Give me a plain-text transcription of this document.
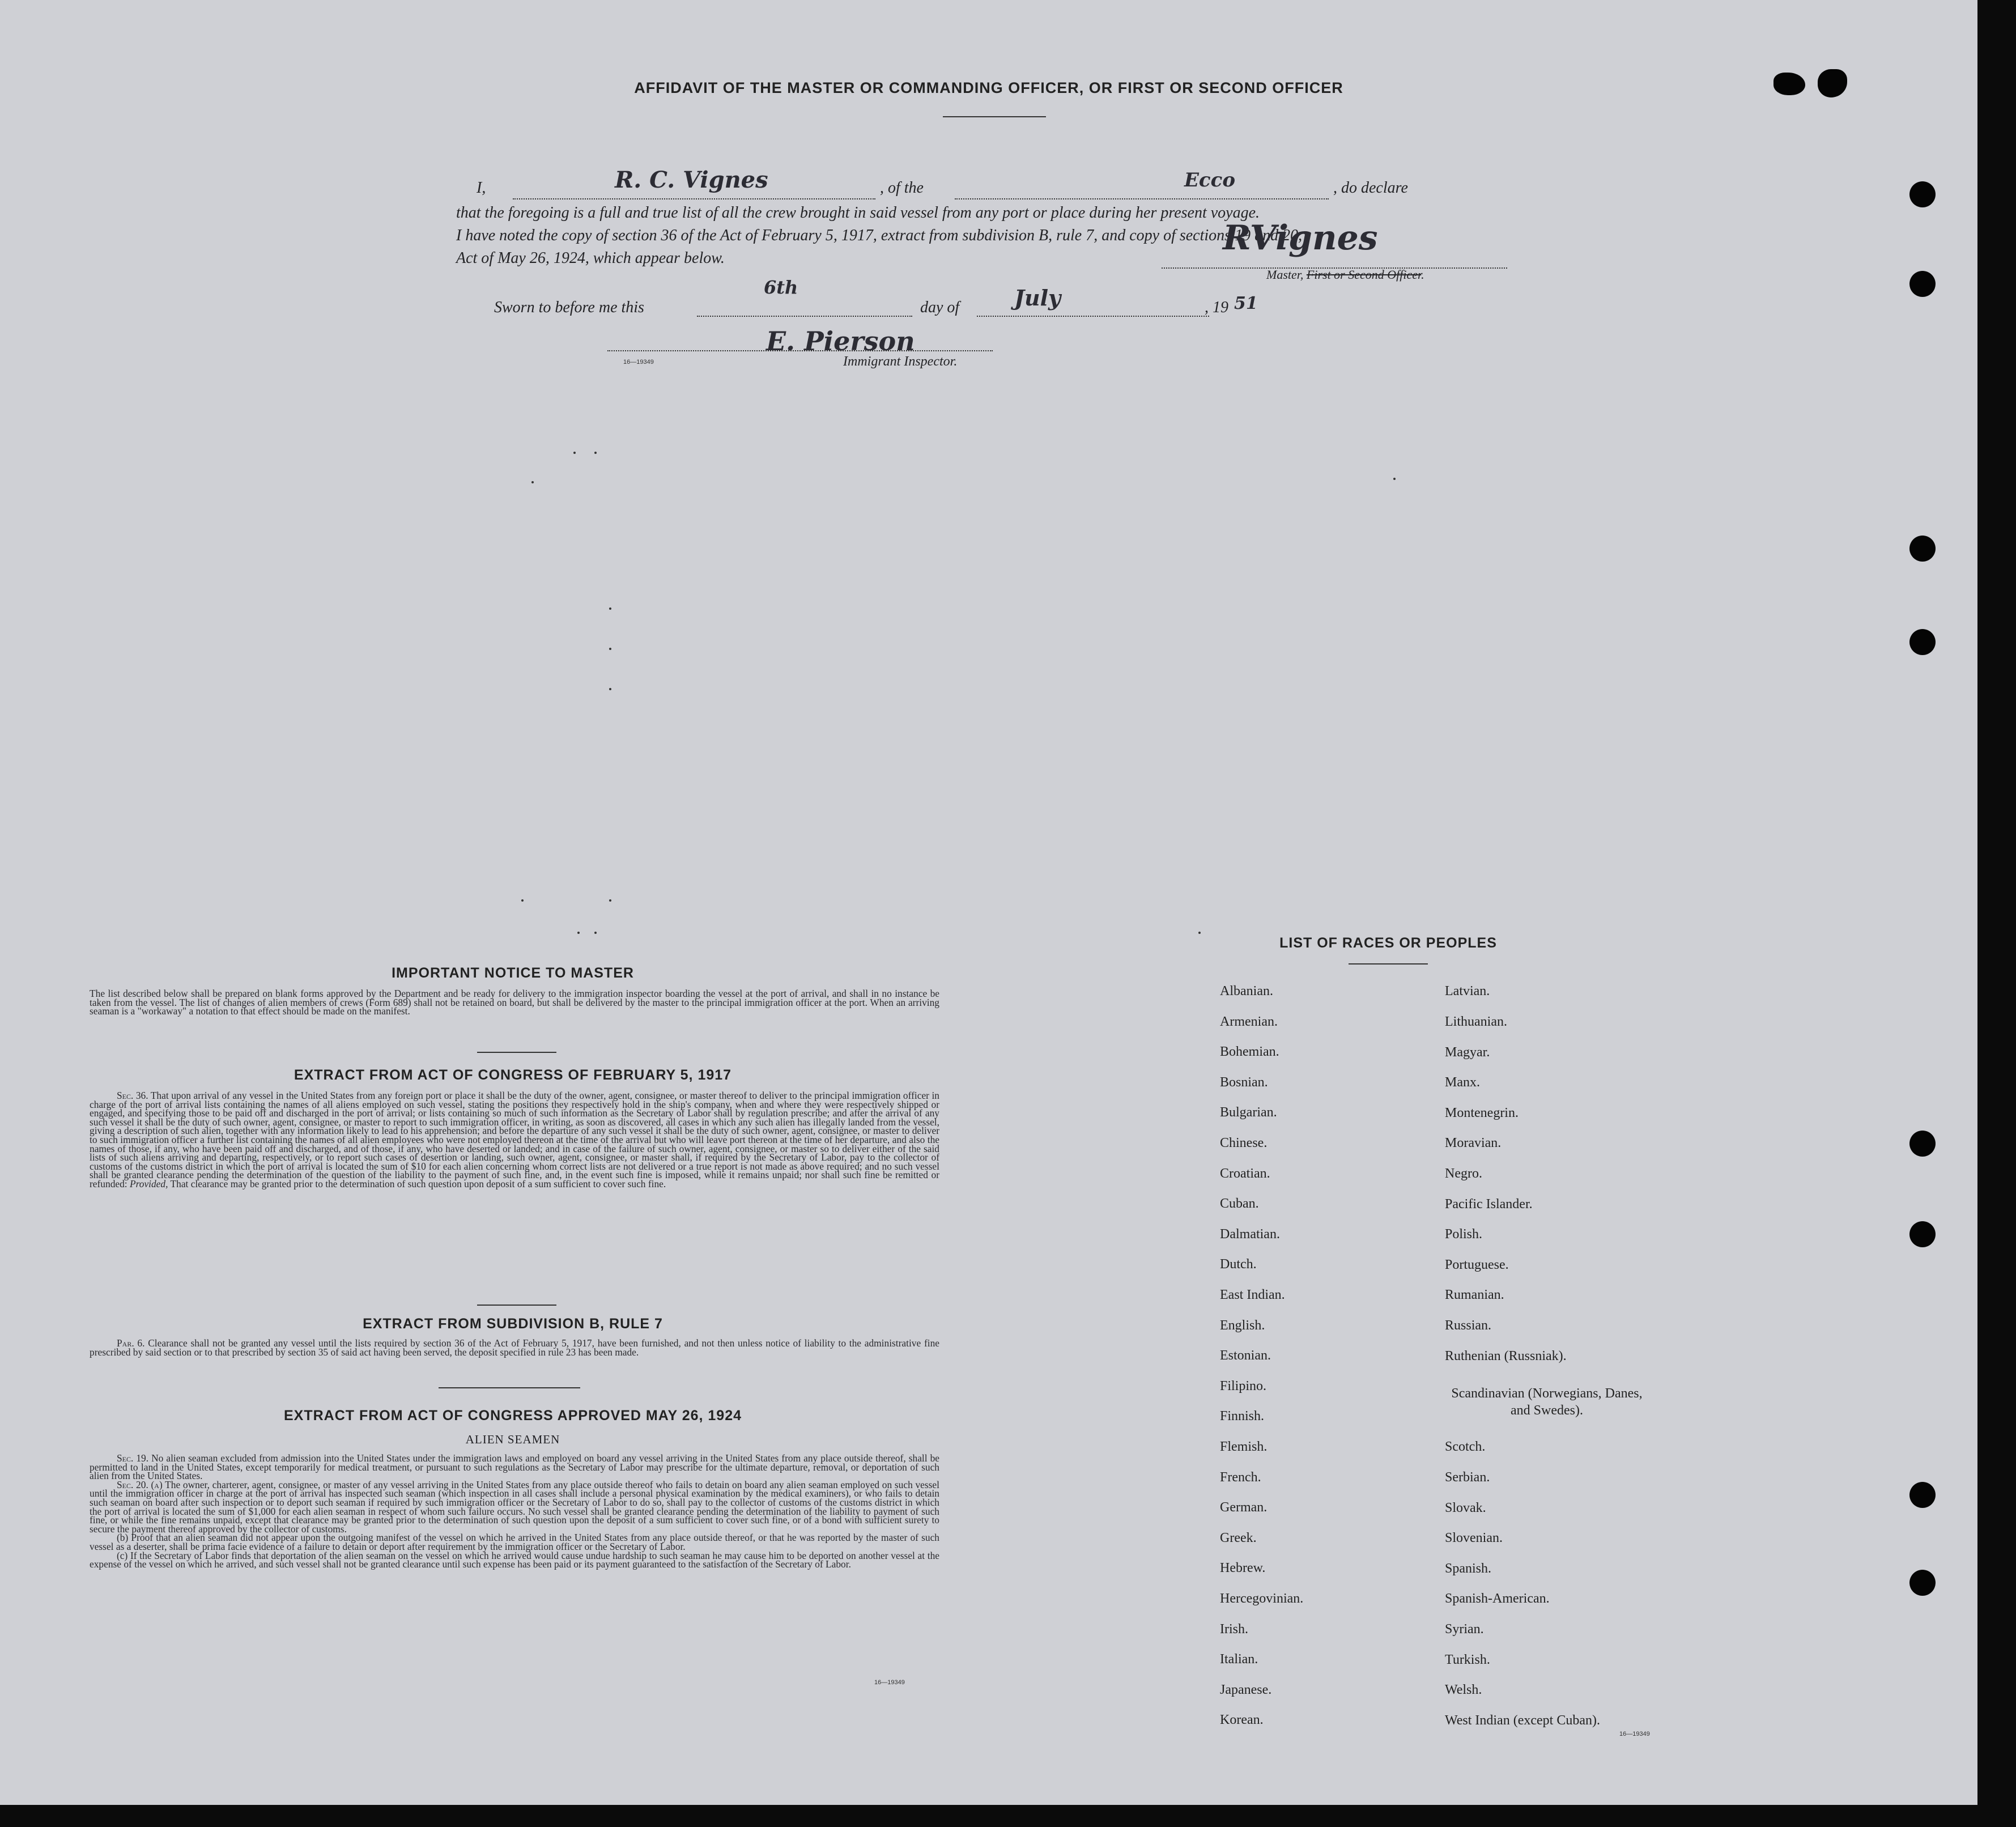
AFFIDAVIT OF THE MASTER OR COMMANDING OFFICER, OR FIRST OR SECOND OFFICER
I,	R. C. Vignes	, of the	Ecco	, do declare
that the foregoing is a full and true list of all the crew brought in said vessel from any port or place during her present voyage.
I have noted the copy of section 36 of the Act of February 5, 1917, extract from subdivision B, rule 7, and copy of sections 19 and 20,
Act of May 26, 1924, which appear below.
RVignes
Master, First or Second Officer.
Sworn to before me this
6th
day of	July	, 19 51
E. Pierson
16—19349	Immigrant Inspector.
IMPORTANT NOTICE TO MASTER
The list described below shall be prepared on blank forms approved by the Department and be ready for delivery to the immigration inspector boarding the vessel at the port of arrival, and shall in no instance be taken from the vessel. The list of changes of alien members of crews (Form 689) shall not be retained on board, but shall be delivered by the master to the principal immigration officer at the port. When an arriving seaman is a "workaway" a notation to that effect should be made on the manifest.
EXTRACT FROM ACT OF CONGRESS OF FEBRUARY 5, 1917
Sec. 36. That upon arrival of any vessel in the United States from any foreign port or place it shall be the duty of the owner, agent, consignee, or master thereof to deliver to the principal immigration officer in charge of the port of arrival lists containing the names of all aliens employed on such vessel, stating the positions they respectively hold in the ship's company, when and where they were respectively shipped or engaged, and specifying those to be paid off and discharged in the port of arrival; or lists containing so much of such information as the Secretary of Labor shall by regulation prescribe; and after the arrival of any such vessel it shall be the duty of such owner, agent, consignee, or master to report to such immigration officer, in writing, as soon as discovered, all cases in which any such alien has illegally landed from the vessel, giving a description of such alien, together with any information likely to lead to his apprehension; and before the departure of any such vessel it shall be the duty of such owner, agent, consignee, or master to deliver to such immigration officer a further list containing the names of all alien employees who were not employed thereon at the time of the arrival but who will leave port thereon at the time of her departure, and also the names of those, if any, who have been paid off and discharged, and of those, if any, who have deserted or landed; and in case of the failure of such owner, agent, consignee, or master so to deliver either of the said lists of such aliens arriving and departing, respectively, or to report such cases of desertion or landing, such owner, agent, consignee, or master shall, if required by the Secretary of Labor, pay to the collector of customs of the customs district in which the port of arrival is located the sum of $10 for each alien concerning whom correct lists are not delivered or a true report is not made as above required; and no such vessel shall be granted clearance pending the determination of the question of the liability to the payment of such fine, and, in the event such fine is imposed, while it remains unpaid; nor shall such fine be remitted or refunded: Provided, That clearance may be granted prior to the determination of such question upon deposit of a sum sufficient to cover such fine.
EXTRACT FROM SUBDIVISION B, RULE 7
Par. 6. Clearance shall not be granted any vessel until the lists required by section 36 of the Act of February 5, 1917, have been furnished, and not then unless notice of liability to the administrative fine prescribed by said section or to that prescribed by section 35 of said act having been served, the deposit specified in rule 23 has been made.
EXTRACT FROM ACT OF CONGRESS APPROVED MAY 26, 1924
ALIEN SEAMEN
Sec. 19. No alien seaman excluded from admission into the United States under the immigration laws and employed on board any vessel arriving in the United States from any place outside thereof, shall be permitted to land in the United States, except temporarily for medical treatment, or pursuant to such regulations as the Secretary of Labor may prescribe for the ultimate departure, removal, or deportation of such alien from the United States.
Sec. 20. (a) The owner, charterer, agent, consignee, or master of any vessel arriving in the United States from any place outside thereof who fails to detain on board any alien seaman employed on such vessel until the immigration officer in charge at the port of arrival has inspected such seaman (which inspection in all cases shall include a personal physical examination by the medical examiners), or who fails to detain such seaman on board after such inspection or to deport such seaman if required by such immigration officer or the Secretary of Labor to do so, shall pay to the collector of customs of the customs district in which the port of arrival is located the sum of $1,000 for each alien seaman in respect of whom such failure occurs. No such vessel shall be granted clearance pending the determination of the liability to payment of such fine, or while the fine remains unpaid, except that clearance may be granted prior to the determination of such question upon the deposit of a sum sufficient to cover such fine, or of a bond with sufficient surety to secure the payment thereof approved by the collector of customs.
(b) Proof that an alien seaman did not appear upon the outgoing manifest of the vessel on which he arrived in the United States from any place outside thereof, or that he was reported by the master of such vessel as a deserter, shall be prima facie evidence of a failure to detain or deport after requirement by the immigration officer or the Secretary of Labor.
(c) If the Secretary of Labor finds that deportation of the alien seaman on the vessel on which he arrived would cause undue hardship to such seaman he may cause him to be deported on another vessel at the expense of the vessel on which he arrived, and such vessel shall not be granted clearance until such expense has been paid or its payment guaranteed to the satisfaction of the Secretary of Labor.
16—19349
LIST OF RACES OR PEOPLES
Albanian.
Armenian.
Bohemian.
Bosnian.
Bulgarian.
Chinese.
Croatian.
Cuban.
Dalmatian.
Dutch.
East Indian.
English.
Estonian.
Filipino.
Finnish.
Flemish.
French.
German.
Greek.
Hebrew.
Hercegovinian.
Irish.
Italian.
Japanese.
Korean.
Latvian.
Lithuanian.
Magyar.
Manx.
Montenegrin.
Moravian.
Negro.
Pacific Islander.
Polish.
Portuguese.
Rumanian.
Russian.
Ruthenian (Russniak).
Scandinavian (Norwegians, Danes, and Swedes).
Scotch.
Serbian.
Slovak.
Slovenian.
Spanish.
Spanish-American.
Syrian.
Turkish.
Welsh.
West Indian (except Cuban).
16—19349
